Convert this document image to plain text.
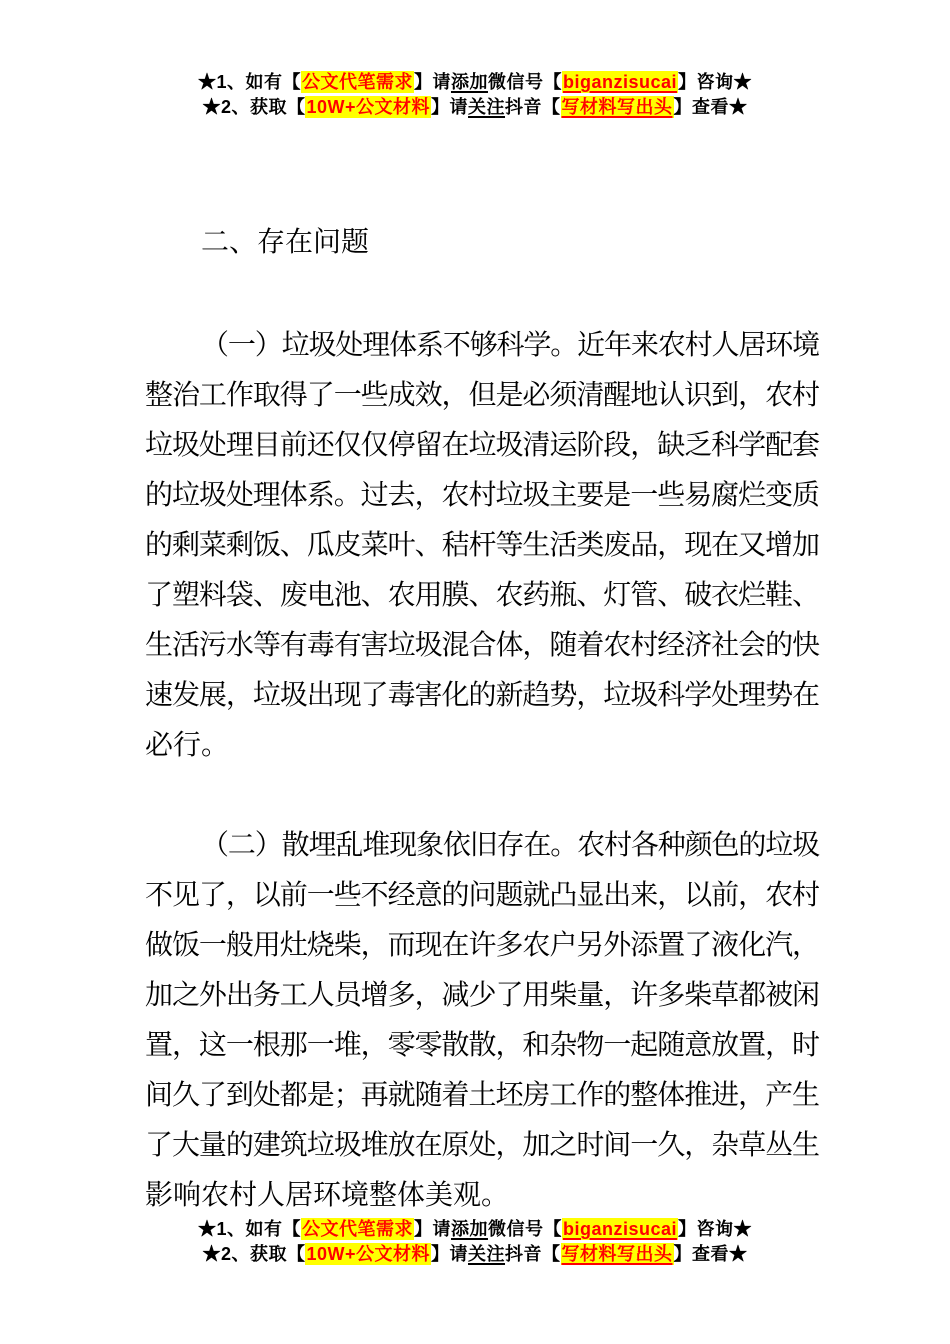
★1、如有【公文代笔需求】请添加微信号【biganzisucai】咨询★
★2、获取【10W+公文材料】请关注抖音【写材料写出头】查看★
二、存在问题
（一）垃圾处理体系不够科学。近年来农村人居环境
整治工作取得了一些成效，但是必须清醒地认识到，农村
垃圾处理目前还仅仅停留在垃圾清运阶段，缺乏科学配套
的垃圾处理体系。过去，农村垃圾主要是一些易腐烂变质
的剩菜剩饭、瓜皮菜叶、秸杆等生活类废品，现在又增加
了塑料袋、废电池、农用膜、农药瓶、灯管、破衣烂鞋、
生活污水等有毒有害垃圾混合体，随着农村经济社会的快
速发展，垃圾出现了毒害化的新趋势，垃圾科学处理势在
必行。
（二）散埋乱堆现象依旧存在。农村各种颜色的垃圾
不见了，以前一些不经意的问题就凸显出来，以前，农村
做饭一般用灶烧柴，而现在许多农户另外添置了液化汽，
加之外出务工人员增多，减少了用柴量，许多柴草都被闲
置，这一根那一堆，零零散散，和杂物一起随意放置，时
间久了到处都是；再就随着土坯房工作的整体推进，产生
了大量的建筑垃圾堆放在原处，加之时间一久，杂草丛生
影响农村人居环境整体美观。
★1、如有【公文代笔需求】请添加微信号【biganzisucai】咨询★
★2、获取【10W+公文材料】请关注抖音【写材料写出头】查看★
